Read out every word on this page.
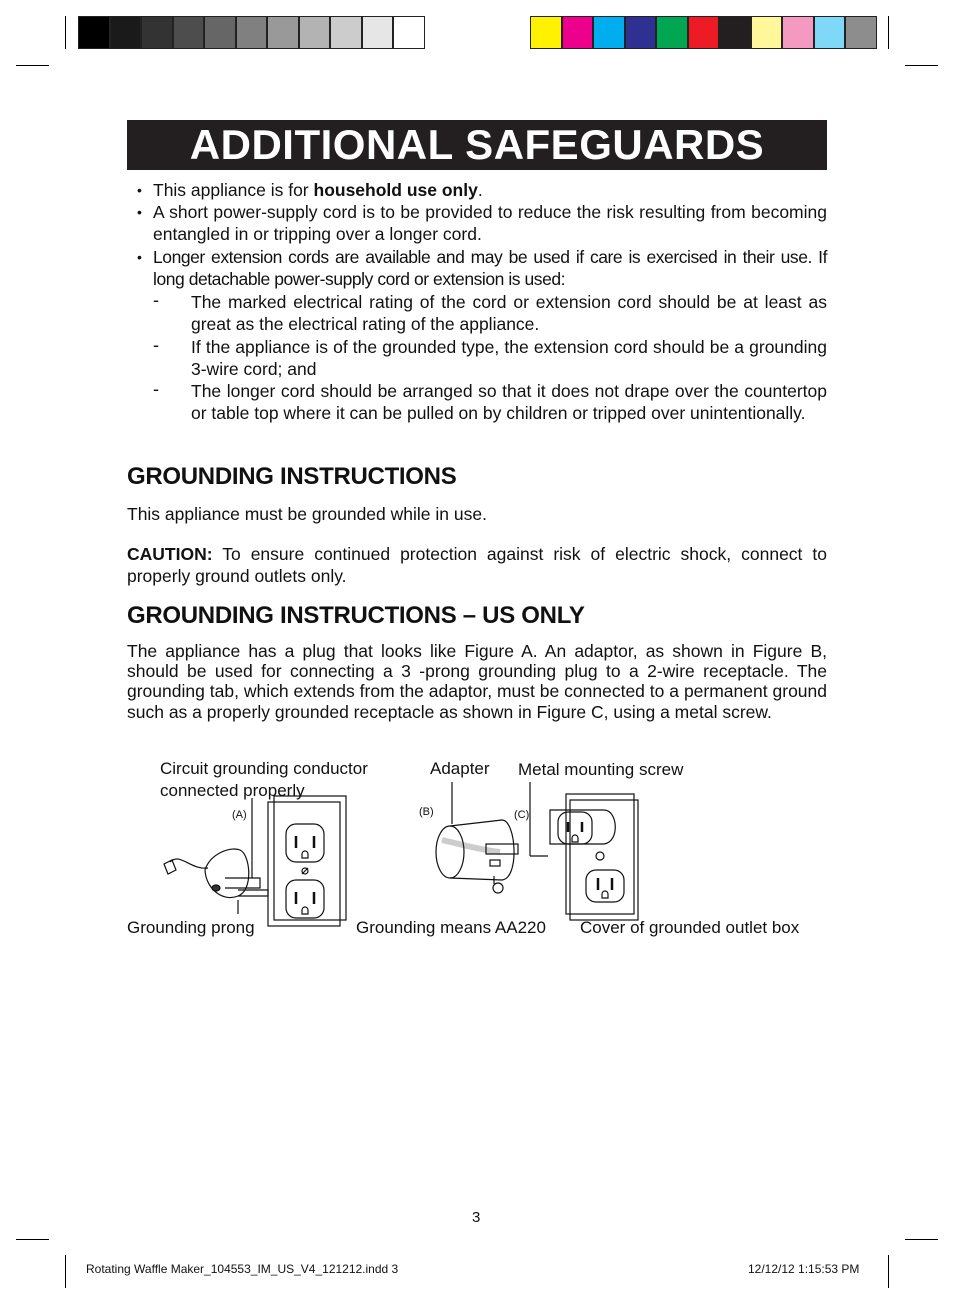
ADDITIONAL SAFEGUARDS
• This appliance is for household use only.
• A short power-supply cord is to be provided to reduce the risk resulting from becoming entangled in or tripping over a longer cord.
• Longer extension cords are available and may be used if care is exercised in their use. If long detachable power-supply cord or extension is used:
- The marked electrical rating of the cord or extension cord should be at least as great as the electrical rating of the appliance.
- If the appliance is of the grounded type, the extension cord should be a grounding 3-wire cord; and
- The longer cord should be arranged so that it does not drape over the countertop or table top where it can be pulled on by children or tripped over unintentionally.
GROUNDING INSTRUCTIONS
This appliance must be grounded while in use.
CAUTION: To ensure continued protection against risk of electric shock, connect to properly ground outlets only.
GROUNDING INSTRUCTIONS – US ONLY
The appliance has a plug that looks like Figure A. An adaptor, as shown in Figure B, should be used for connecting a 3 -prong grounding plug to a 2-wire receptacle. The grounding tab, which extends from the adaptor, must be connected to a permanent ground such as a properly grounded receptacle as shown in Figure C, using a metal screw.
Circuit grounding conductor
connected properly
Adapter Metal mounting screw
(A)	(B)	(C)
Grounding prong	Grounding means AA220 Cover of grounded outlet box
3
Rotating Waffle Maker_104553_IM_US_V4_121212.indd 3	12/12/12 1:15:53 PM
